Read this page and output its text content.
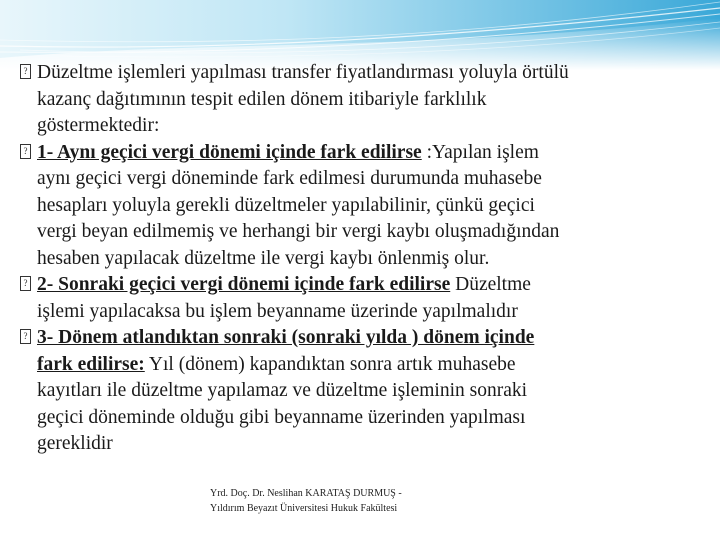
? Düzeltme işlemleri yapılması transfer fiyatlandırması yoluyla örtülü
kazanç dağıtımının tespit edilen dönem itibariyle farklılık
göstermektedir:

? 1- Aynı geçici vergi dönemi içinde fark edilirse :Yapılan işlem
aynı geçici vergi döneminde fark edilmesi durumunda muhasebe
hesapları yoluyla gerekli düzeltmeler yapılabilinir, çünkü geçici
vergi beyan edilmemiş ve herhangi bir vergi kaybı oluşmadığından
hesaben yapılacak düzeltme ile vergi kaybı önlenmiş olur.

? 2- Sonraki geçici vergi dönemi içinde fark edilirse Düzeltme
işlemi yapılacaksa bu işlem beyanname üzerinde yapılmalıdır

? 3- Dönem atlandıktan sonraki (sonraki yılda ) dönem içinde
fark edilirse: Yıl (dönem) kapandıktan sonra artık muhasebe
kayıtları ile düzeltme yapılamaz ve düzeltme işleminin sonraki
geçici döneminde olduğu gibi beyanname üzerinden yapılması
gereklidir

Yrd. Doç. Dr. Neslihan KARATAŞ DURMUŞ -
Yıldırım Beyazıt Üniversitesi Hukuk Fakültesi
